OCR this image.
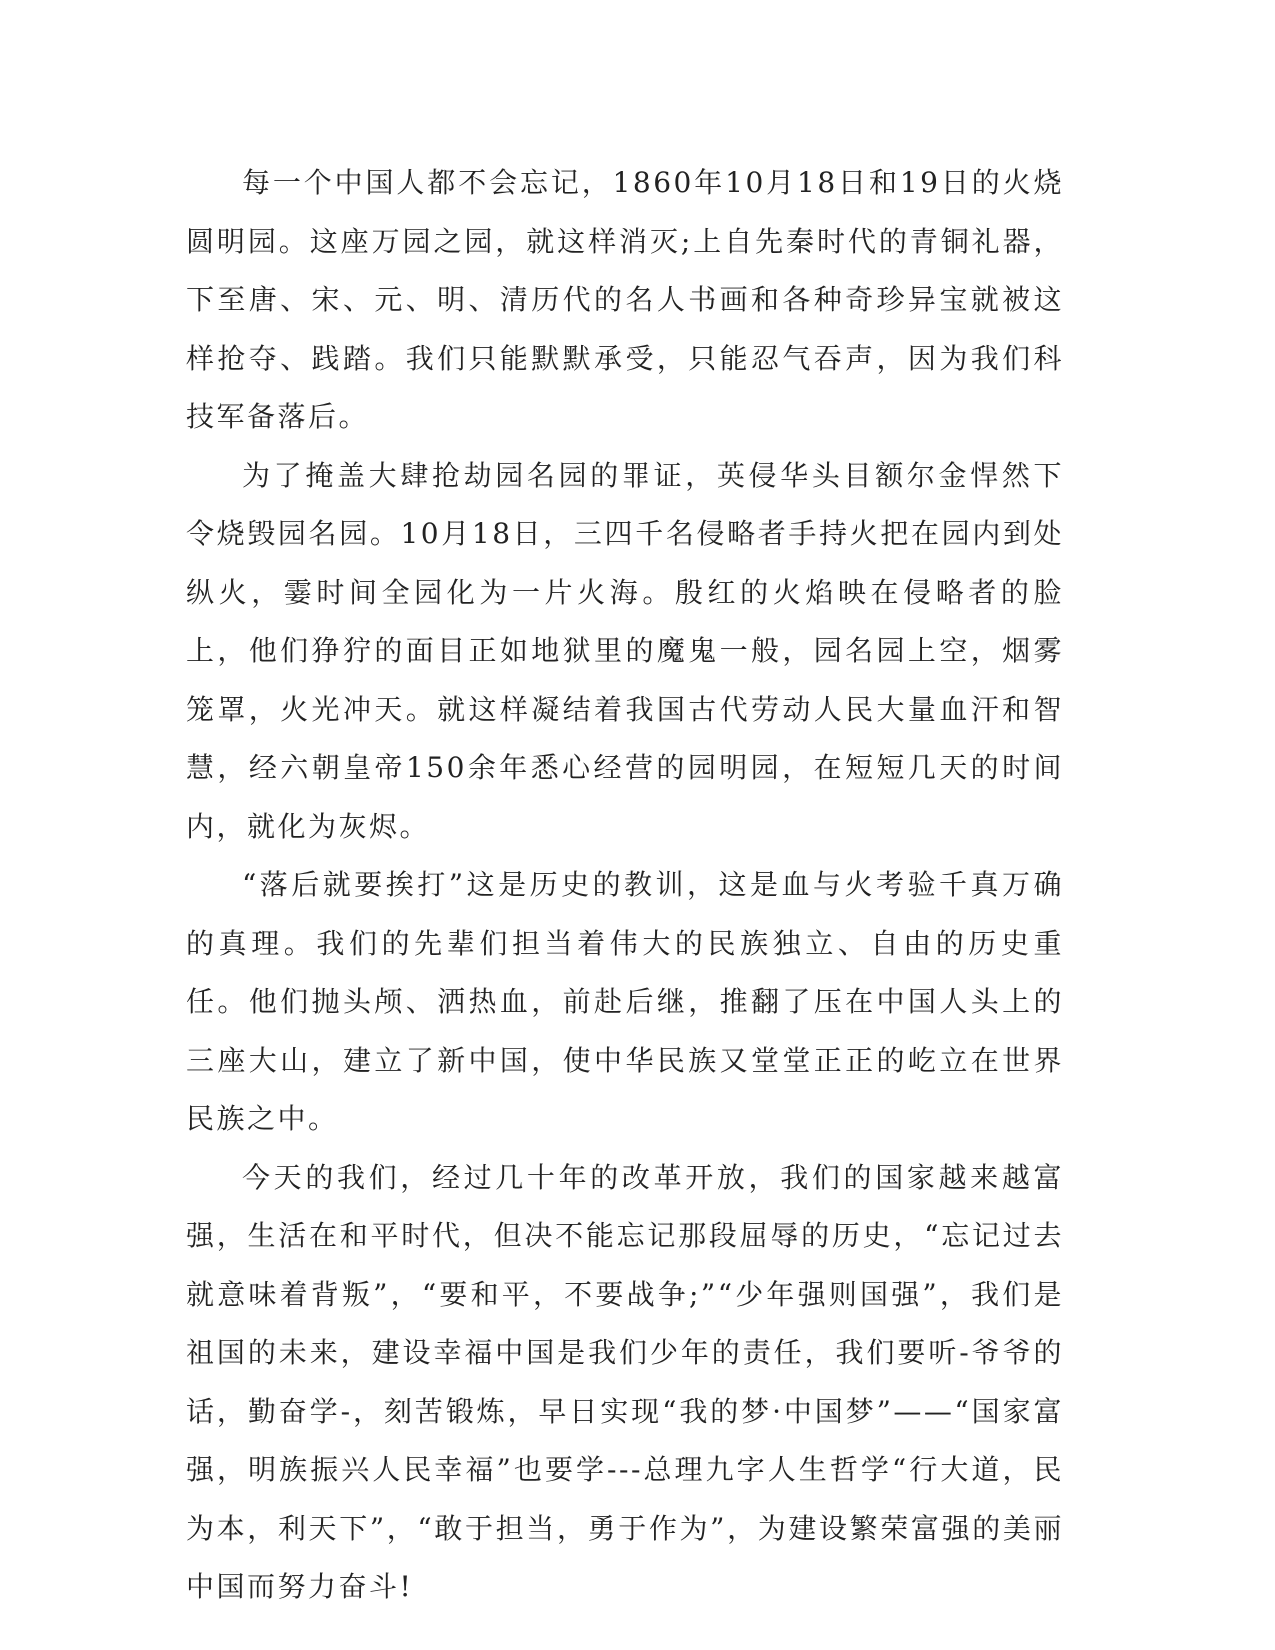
每一个中国人都不会忘记，1860年10月18日和19日的火烧圆明园。这座万园之园，就这样消灭;上自先秦时代的青铜礼器，下至唐、宋、元、明、清历代的名人书画和各种奇珍异宝就被这样抢夺、践踏。我们只能默默承受，只能忍气吞声，因为我们科技军备落后。

为了掩盖大肆抢劫园名园的罪证，英侵华头目额尔金悍然下令烧毁园名园。10月18日，三四千名侵略者手持火把在园内到处纵火，霎时间全园化为一片火海。殷红的火焰映在侵略者的脸上，他们狰狞的面目正如地狱里的魔鬼一般，园名园上空，烟雾笼罩，火光冲天。就这样凝结着我国古代劳动人民大量血汗和智慧，经六朝皇帝150余年悉心经营的园明园，在短短几天的时间内，就化为灰烬。

“落后就要挨打”这是历史的教训，这是血与火考验千真万确的真理。我们的先辈们担当着伟大的民族独立、自由的历史重任。他们抛头颅、洒热血，前赴后继，推翻了压在中国人头上的三座大山，建立了新中国，使中华民族又堂堂正正的屹立在世界民族之中。

今天的我们，经过几十年的改革开放，我们的国家越来越富强，生活在和平时代，但决不能忘记那段屈辱的历史，“忘记过去就意味着背叛”，“要和平，不要战争;”“少年强则国强”，我们是祖国的未来，建设幸福中国是我们少年的责任，我们要听-爷爷的话，勤奋学-，刻苦锻炼，早日实现“我的梦·中国梦”——“国家富强，明族振兴人民幸福”也要学---总理九字人生哲学“行大道，民为本，利天下”，“敢于担当，勇于作为”，为建设繁荣富强的美丽中国而努力奋斗!
